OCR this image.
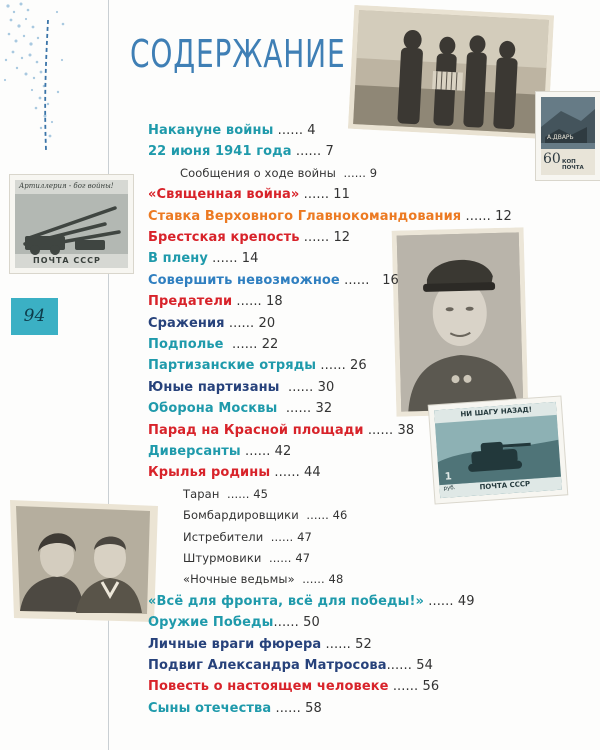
СОДЕРЖАНИЕ
А.ДВАРЬ
60 КОП ПОЧТА
Артиллерия - бог войны!
ПОЧТА СССР
94
НИ ШАГУ НАЗАД!
1
руб.	ПОЧТА СССР
Накануне войны ...... 4
22 июня 1941 года ...... 7
Сообщения о ходе войны  ...... 9
«Священная война» ...... 11
Ставка Верховного Главнокомандования ...... 12
Брестская крепость ...... 12
В плену ...... 14
Совершить невозможное ......   16
Предатели ...... 18
Сражения ...... 20
Подполье  ...... 22
Партизанские отряды ...... 26
Юные партизаны  ...... 30
Оборона Москвы  ...... 32
Парад на Красной площади ...... 38
Диверсанты ...... 42
Крылья родины ...... 44
Таран  ...... 45
Бомбардировщики  ...... 46
Истребители  ...... 47
Штурмовики  ...... 47
«Ночные ведьмы»  ...... 48
«Всё для фронта, всё для победы!» ...... 49
Оружие Победы...... 50
Личные враги фюрера ...... 52
Подвиг Александра Матросова...... 54
Повесть о настоящем человеке ...... 56
Сыны отечества ...... 58
